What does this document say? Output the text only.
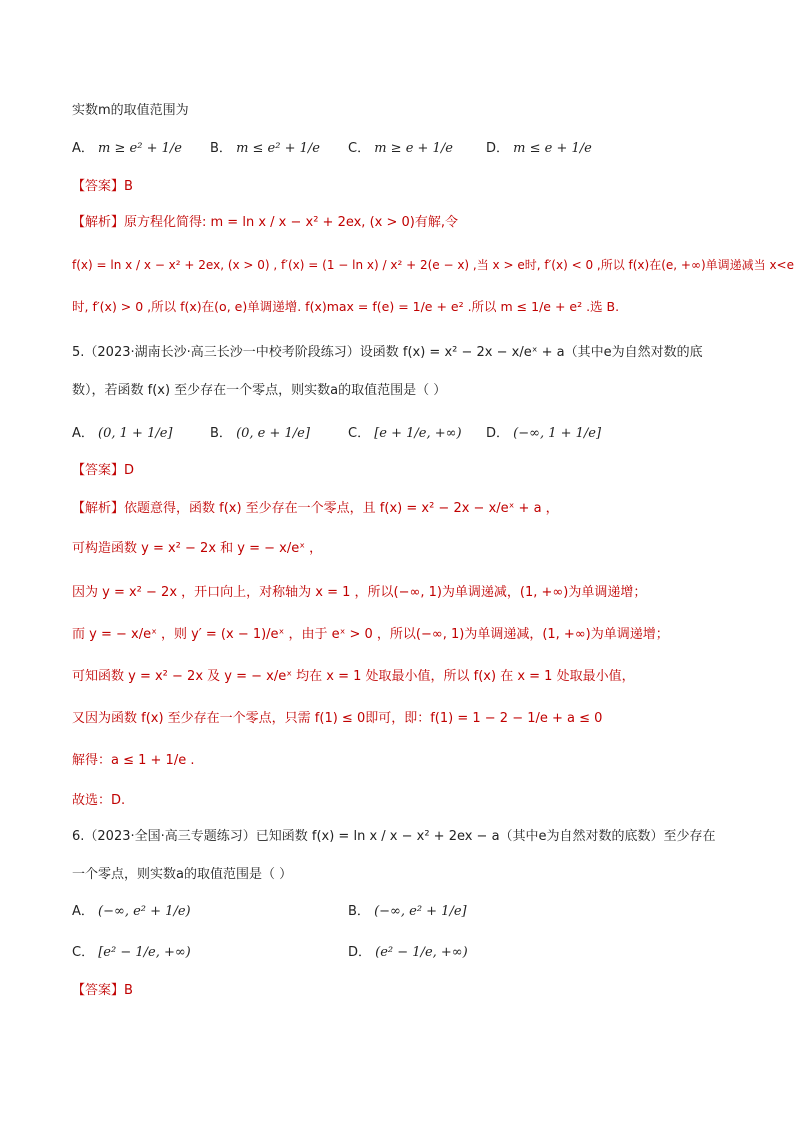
实数m的取值范围为
A． m ≥ e² + 1/e B． m ≤ e² + 1/e C． m ≥ e + 1/e	D． m ≤ e + 1/e
【答案】B
【解析】原方程化简得: m = ln x / x − x² + 2ex, (x > 0)有解,令
f(x) = ln x / x − x² + 2ex, (x > 0) , f′(x) = (1 − ln x) / x² + 2(e − x) ,当 x > e时, f′(x) < 0 ,所以 f(x)在(e, +∞)单调递减当 x<e
时, f′(x) > 0 ,所以 f(x)在(o, e)单调递增. f(x)max = f(e) = 1/e + e² .所以 m ≤ 1/e + e² .选 B.
5.（2023·湖南长沙·高三长沙一中校考阶段练习）设函数 f(x) = x² − 2x − x/eˣ + a（其中e为自然对数的底
数），若函数 f(x) 至少存在一个零点，则实数a的取值范围是（ ）
A． (0, 1 + 1/e]	B． (0, e + 1/e]	C． [e + 1/e, +∞) D． (−∞, 1 + 1/e]
【答案】D
【解析】依题意得，函数 f(x) 至少存在一个零点，且 f(x) = x² − 2x − x/eˣ + a ，
可构造函数 y = x² − 2x 和 y = − x/eˣ ，
因为 y = x² − 2x ，开口向上，对称轴为 x = 1 ，所以(−∞, 1)为单调递减，(1, +∞)为单调递增；
而 y = − x/eˣ ，则 y′ = (x − 1)/eˣ ，由于 eˣ > 0 ，所以(−∞, 1)为单调递减，(1, +∞)为单调递增；
可知函数 y = x² − 2x 及 y = − x/eˣ 均在 x = 1 处取最小值，所以 f(x) 在 x = 1 处取最小值，
又因为函数 f(x) 至少存在一个零点，只需 f(1) ≤ 0即可，即：f(1) = 1 − 2 − 1/e + a ≤ 0
解得：a ≤ 1 + 1/e .
故选：D.
6.（2023·全国·高三专题练习）已知函数 f(x) = ln x / x − x² + 2ex − a（其中e为自然对数的底数）至少存在
一个零点，则实数a的取值范围是（ ）
A． (−∞, e² + 1/e)	B． (−∞, e² + 1/e]
C． [e² − 1/e, +∞)	D． (e² − 1/e, +∞)
【答案】B
